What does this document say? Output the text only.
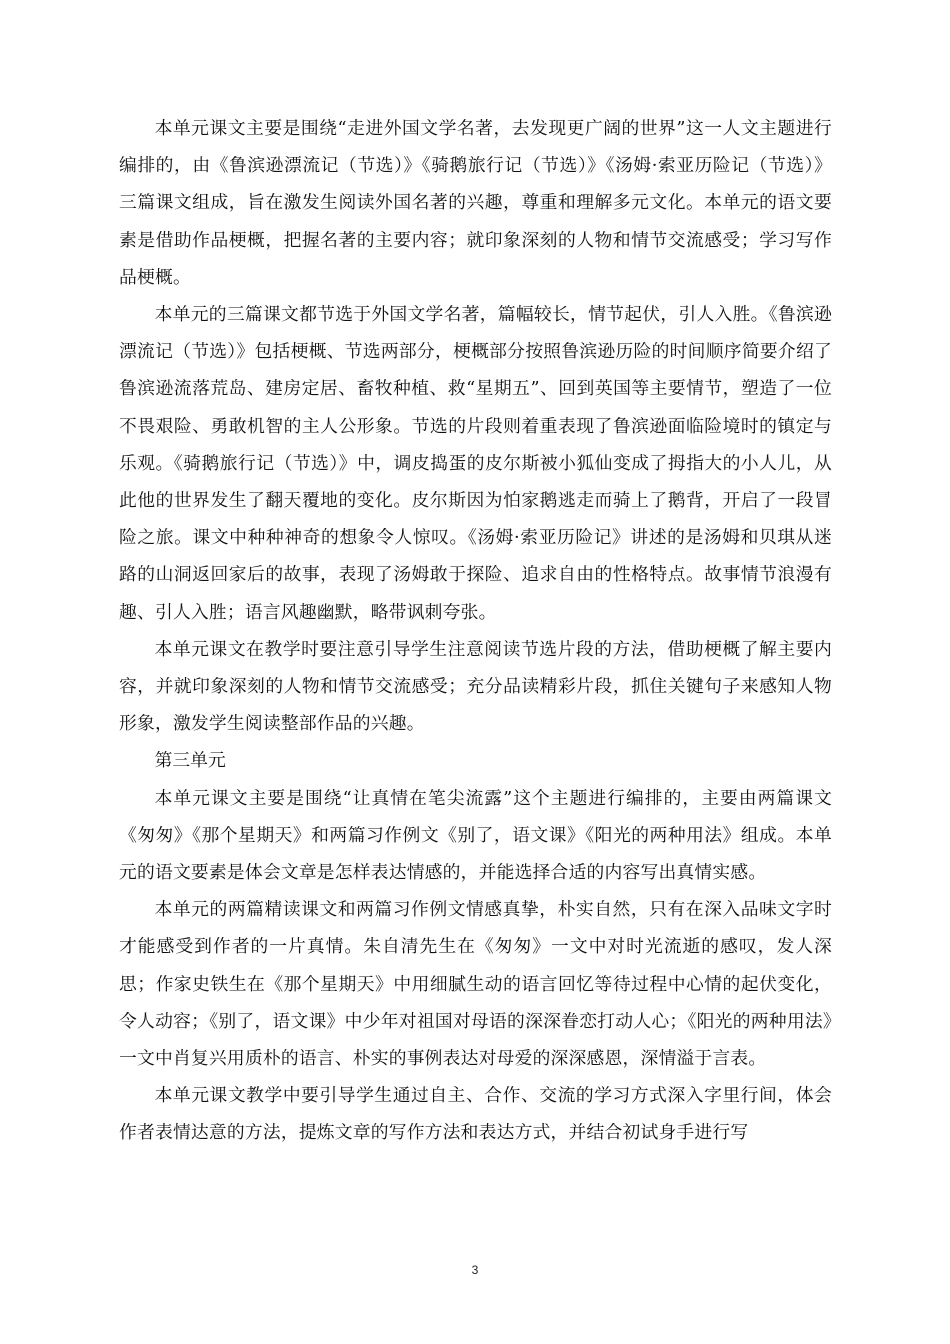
本单元课文主要是围绕“走进外国文学名著，去发现更广阔的世界”这一人文主题进行编排的，由《鲁滨逊漂流记（节选）》《骑鹅旅行记（节选）》《汤姆·索亚历险记（节选）》三篇课文组成，旨在激发生阅读外国名著的兴趣，尊重和理解多元文化。本单元的语文要素是借助作品梗概，把握名著的主要内容；就印象深刻的人物和情节交流感受；学习写作品梗概。

本单元的三篇课文都节选于外国文学名著，篇幅较长，情节起伏，引人入胜。《鲁滨逊漂流记（节选）》包括梗概、节选两部分，梗概部分按照鲁滨逊历险的时间顺序简要介绍了鲁滨逊流落荒岛、建房定居、畜牧种植、救“星期五”、回到英国等主要情节，塑造了一位不畏艰险、勇敢机智的主人公形象。节选的片段则着重表现了鲁滨逊面临险境时的镇定与乐观。《骑鹅旅行记（节选）》中，调皮捣蛋的皮尔斯被小狐仙变成了拇指大的小人儿，从此他的世界发生了翻天覆地的变化。皮尔斯因为怕家鹅逃走而骑上了鹅背，开启了一段冒险之旅。课文中种种神奇的想象令人惊叹。《汤姆·索亚历险记》讲述的是汤姆和贝琪从迷路的山洞返回家后的故事，表现了汤姆敢于探险、追求自由的性格特点。故事情节浪漫有趣、引人入胜；语言风趣幽默，略带讽刺夸张。

本单元课文在教学时要注意引导学生注意阅读节选片段的方法，借助梗概了解主要内容，并就印象深刻的人物和情节交流感受；充分品读精彩片段，抓住关键句子来感知人物形象，激发学生阅读整部作品的兴趣。

第三单元

本单元课文主要是围绕“让真情在笔尖流露”这个主题进行编排的，主要由两篇课文《匆匆》《那个星期天》和两篇习作例文《别了，语文课》《阳光的两种用法》组成。本单元的语文要素是体会文章是怎样表达情感的，并能选择合适的内容写出真情实感。

本单元的两篇精读课文和两篇习作例文情感真挚，朴实自然，只有在深入品味文字时才能感受到作者的一片真情。朱自清先生在《匆匆》一文中对时光流逝的感叹，发人深思；作家史铁生在《那个星期天》中用细腻生动的语言回忆等待过程中心情的起伏变化，令人动容；《别了，语文课》中少年对祖国对母语的深深眷恋打动人心；《阳光的两种用法》一文中肖复兴用质朴的语言、朴实的事例表达对母爱的深深感恩，深情溢于言表。

本单元课文教学中要引导学生通过自主、合作、交流的学习方式深入字里行间，体会作者表情达意的方法，提炼文章的写作方法和表达方式，并结合初试身手进行写

3
